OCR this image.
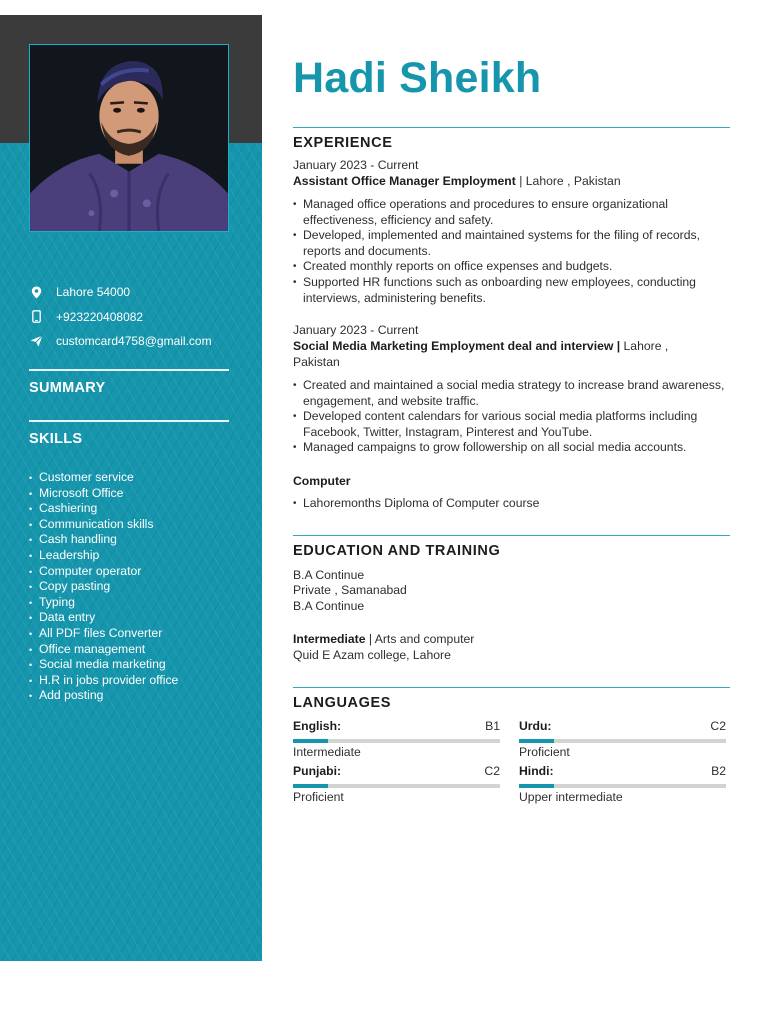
Lahore 54000
+923220408082
customcard4758@gmail.com
SUMMARY
SKILLS
• Customer service
• Microsoft Office
• Cashiering
• Communication skills
• Cash handling
• Leadership
• Computer operator
• Copy pasting
• Typing
• Data entry
• All PDF files Converter
• Office management
• Social media marketing
• H.R in jobs provider office
• Add posting
Hadi Sheikh
EXPERIENCE
January 2023 - Current
Assistant Office Manager Employment | Lahore , Pakistan
• Managed office operations and procedures to ensure organizational effectiveness, efficiency and safety.
• Developed, implemented and maintained systems for the filing of records, reports and documents.
• Created monthly reports on office expenses and budgets.
• Supported HR functions such as onboarding new employees, conducting interviews, administering benefits.
January 2023 - Current
Social Media Marketing Employment deal and interview | Lahore ,
Pakistan
• Created and maintained a social media strategy to increase brand awareness, engagement, and website traffic.
• Developed content calendars for various social media platforms including Facebook, Twitter, Instagram, Pinterest and YouTube.
• Managed campaigns to grow followership on all social media accounts.
Computer
• Lahoremonths Diploma of Computer course
EDUCATION AND TRAINING
B.A Continue
Private , Samanabad
B.A Continue
Intermediate | Arts and computer
Quid E Azam college, Lahore
LANGUAGES
English:	B1
Intermediate
Urdu:	C2
Proficient
Punjabi:	C2
Proficient
Hindi:	B2
Upper intermediate
